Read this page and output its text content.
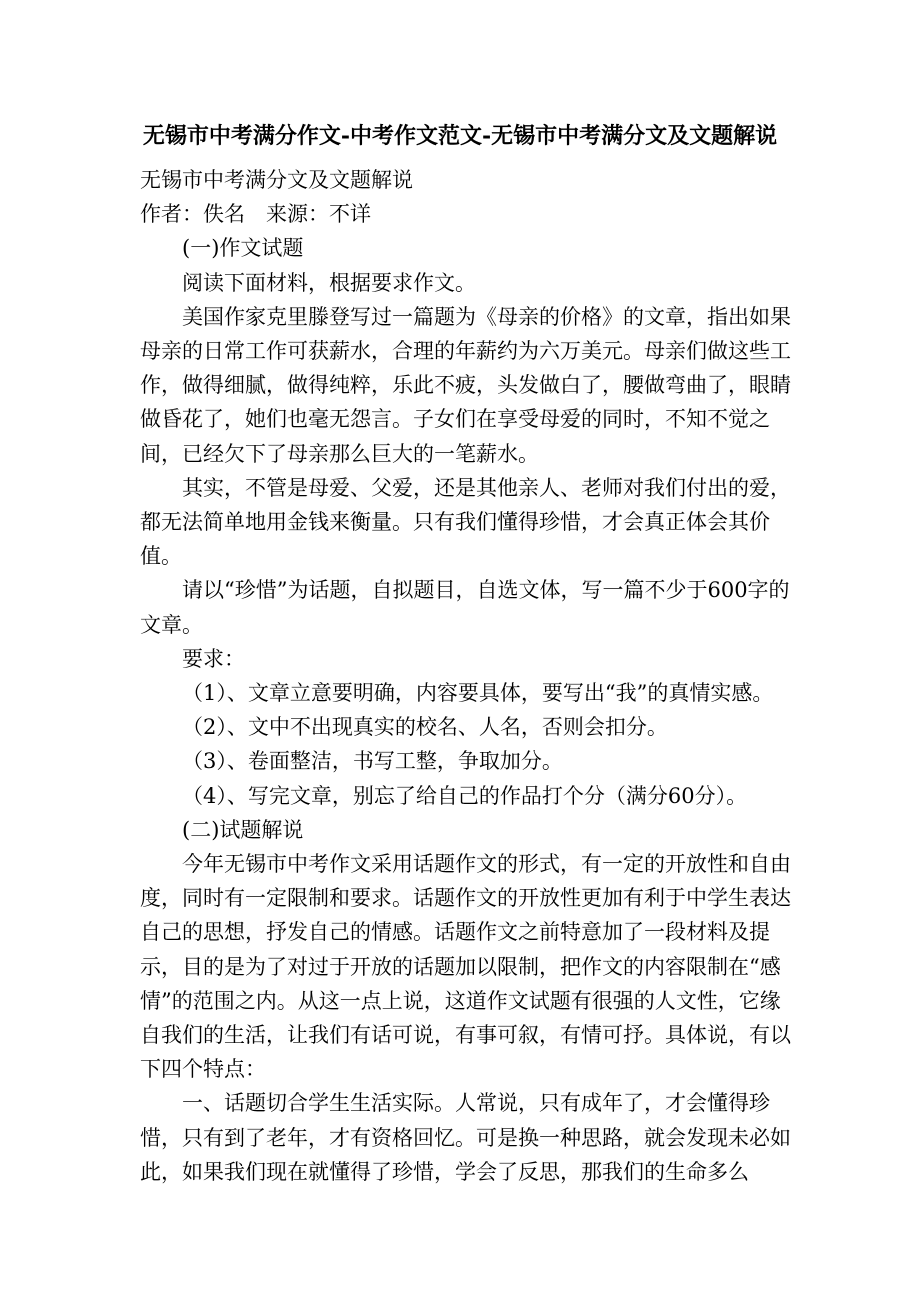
无锡市中考满分作文-中考作文范文-无锡市中考满分文及文题解说

无锡市中考满分文及文题解说

作者：佚名　来源：不详

(一)作文试题

阅读下面材料，根据要求作文。

美国作家克里滕登写过一篇题为《母亲的价格》的文章，指出如果母亲的日常工作可获薪水，合理的年薪约为六万美元。母亲们做这些工作，做得细腻，做得纯粹，乐此不疲，头发做白了，腰做弯曲了，眼睛做昏花了，她们也毫无怨言。子女们在享受母爱的同时，不知不觉之间，已经欠下了母亲那么巨大的一笔薪水。

其实，不管是母爱、父爱，还是其他亲人、老师对我们付出的爱，都无法简单地用金钱来衡量。只有我们懂得珍惜，才会真正体会其价值。

请以“珍惜”为话题，自拟题目，自选文体，写一篇不少于600字的文章。

要求：

（1）、文章立意要明确，内容要具体，要写出“我”的真情实感。

（2）、文中不出现真实的校名、人名，否则会扣分。

（3）、卷面整洁，书写工整，争取加分。

（4）、写完文章，别忘了给自己的作品打个分（满分60分）。

(二)试题解说

今年无锡市中考作文采用话题作文的形式，有一定的开放性和自由度，同时有一定限制和要求。话题作文的开放性更加有利于中学生表达自己的思想，抒发自己的情感。话题作文之前特意加了一段材料及提示，目的是为了对过于开放的话题加以限制，把作文的内容限制在“感情”的范围之内。从这一点上说，这道作文试题有很强的人文性，它缘自我们的生活，让我们有话可说，有事可叙，有情可抒。具体说，有以下四个特点：

一、话题切合学生生活实际。人常说，只有成年了，才会懂得珍惜，只有到了老年，才有资格回忆。可是换一种思路，就会发现未必如此，如果我们现在就懂得了珍惜，学会了反思，那我们的生命多么
